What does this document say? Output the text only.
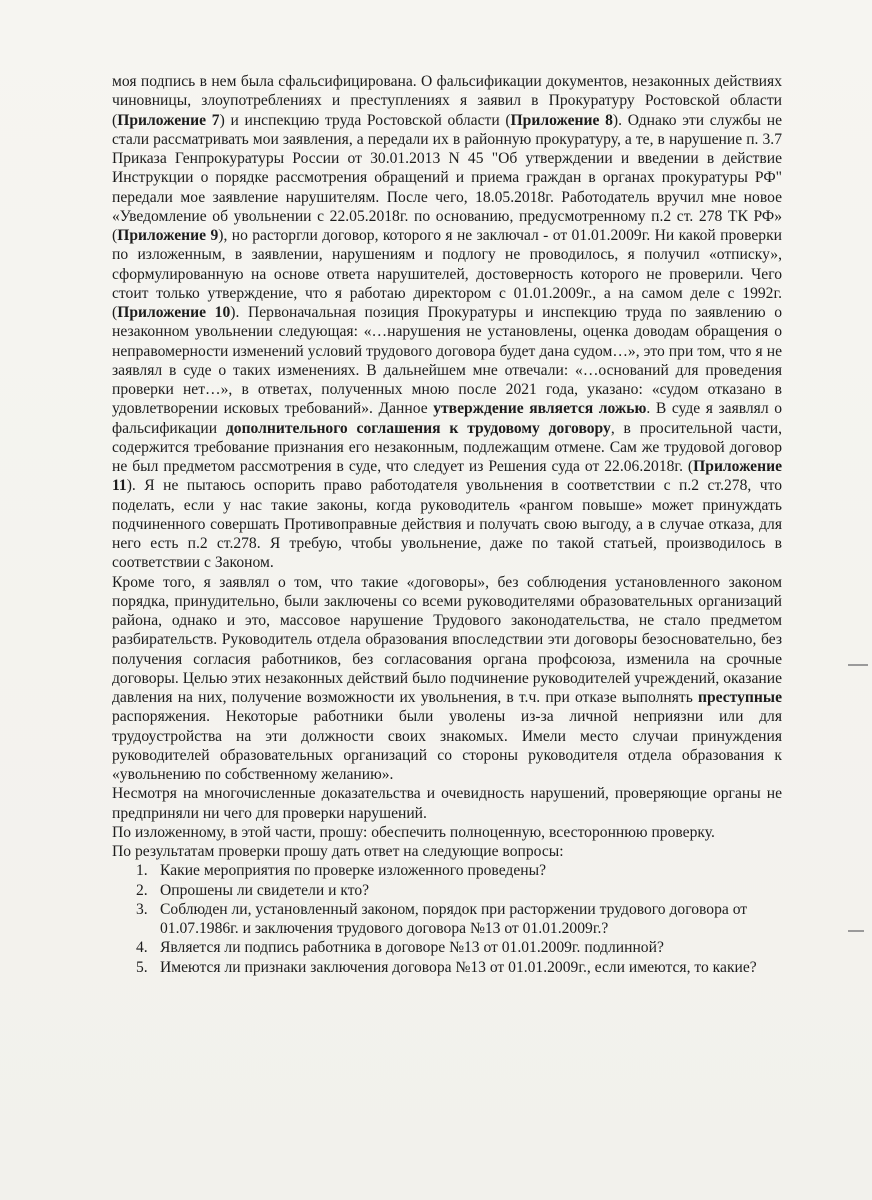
моя подпись в нем была сфальсифицирована. О фальсификации документов, незаконных действиях чиновницы, злоупотреблениях и преступлениях я заявил в Прокуратуру Ростовской области (Приложение 7) и инспекцию труда Ростовской области (Приложение 8). Однако эти службы не стали рассматривать мои заявления, а передали их в районную прокуратуру, а те, в нарушение п. 3.7 Приказа Генпрокуратуры России от 30.01.2013 N 45 "Об утверждении и введении в действие Инструкции о порядке рассмотрения обращений и приема граждан в органах прокуратуры РФ" передали мое заявление нарушителям. После чего, 18.05.2018г. Работодатель вручил мне новое «Уведомление об увольнении с 22.05.2018г. по основанию, предусмотренному п.2 ст. 278 ТК РФ» (Приложение 9), но расторгли договор, которого я не заключал - от 01.01.2009г. Ни какой проверки по изложенным, в заявлении, нарушениям и подлогу не проводилось, я получил «отписку», сформулированную на основе ответа нарушителей, достоверность которого не проверили. Чего стоит только утверждение, что я работаю директором с 01.01.2009г., а на самом деле с 1992г. (Приложение 10). Первоначальная позиция Прокуратуры и инспекцию труда по заявлению о незаконном увольнении следующая: «…нарушения не установлены, оценка доводам обращения о неправомерности изменений условий трудового договора будет дана судом…», это при том, что я не заявлял в суде о таких изменениях. В дальнейшем мне отвечали: «…оснований для проведения проверки нет…», в ответах, полученных мною после 2021 года, указано: «судом отказано в удовлетворении исковых требований». Данное утверждение является ложью. В суде я заявлял о фальсификации дополнительного соглашения к трудовому договору, в просительной части, содержится требование признания его незаконным, подлежащим отмене. Сам же трудовой договор не был предметом рассмотрения в суде, что следует из Решения суда от 22.06.2018г. (Приложение 11). Я не пытаюсь оспорить право работодателя увольнения в соответствии с п.2 ст.278, что поделать, если у нас такие законы, когда руководитель «рангом повыше» может принуждать подчиненного совершать Противоправные действия и получать свою выгоду, а в случае отказа, для него есть п.2 ст.278. Я требую, чтобы увольнение, даже по такой статьей, производилось в соответствии с Законом.

Кроме того, я заявлял о том, что такие «договоры», без соблюдения установленного законом порядка, принудительно, были заключены со всеми руководителями образовательных организаций района, однако и это, массовое нарушение Трудового законодательства, не стало предметом разбирательств. Руководитель отдела образования впоследствии эти договоры безосновательно, без получения согласия работников, без согласования органа профсоюза, изменила на срочные договоры. Целью этих незаконных действий было подчинение руководителей учреждений, оказание давления на них, получение возможности их увольнения, в т.ч. при отказе выполнять преступные распоряжения. Некоторые работники были уволены из-за личной неприязни или для трудоустройства на эти должности своих знакомых. Имели место случаи принуждения руководителей образовательных организаций со стороны руководителя отдела образования к «увольнению по собственному желанию».

Несмотря на многочисленные доказательства и очевидность нарушений, проверяющие органы не предприняли ни чего для проверки нарушений.

По изложенному, в этой части, прошу: обеспечить полноценную, всестороннюю проверку.

По результатам проверки прошу дать ответ на следующие вопросы:

1. Какие мероприятия по проверке изложенного проведены?
2. Опрошены ли свидетели и кто?
3. Соблюден ли, установленный законом, порядок при расторжении трудового договора от 01.07.1986г. и заключения трудового договора №13 от 01.01.2009г.?
4. Является ли подпись работника в договоре №13 от 01.01.2009г. подлинной?
5. Имеются ли признаки заключения договора №13 от 01.01.2009г., если имеются, то какие?
